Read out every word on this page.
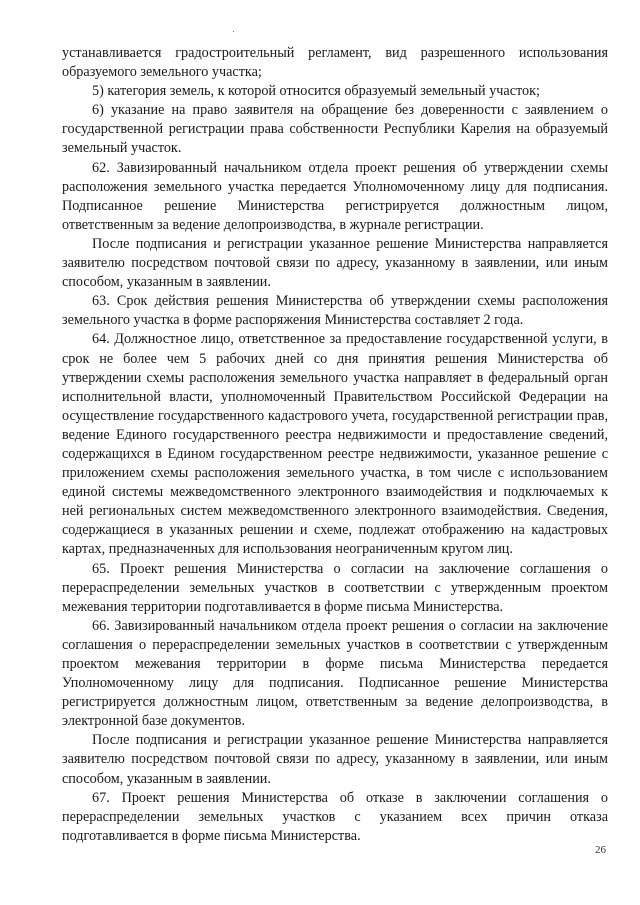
устанавливается градостроительный регламент, вид разрешенного использования образуемого земельного участка;

5) категория земель, к которой относится образуемый земельный участок;

6) указание на право заявителя на обращение без доверенности с заявлением о государственной регистрации права собственности Республики Карелия на образуемый земельный участок.

62. Завизированный начальником отдела проект решения об утверждении схемы расположения земельного участка передается Уполномоченному лицу для подписания. Подписанное решение Министерства регистрируется должностным лицом, ответственным за ведение делопроизводства, в журнале регистрации.

После подписания и регистрации указанное решение Министерства направляется заявителю посредством почтовой связи по адресу, указанному в заявлении, или иным способом, указанным в заявлении.

63. Срок действия решения Министерства об утверждении схемы расположения земельного участка в форме распоряжения Министерства составляет 2 года.

64. Должностное лицо, ответственное за предоставление государственной услуги, в срок не более чем 5 рабочих дней со дня принятия решения Министерства об утверждении схемы расположения земельного участка направляет в федеральный орган исполнительной власти, уполномоченный Правительством Российской Федерации на осуществление государственного кадастрового учета, государственной регистрации прав, ведение Единого государственного реестра недвижимости и предоставление сведений, содержащихся в Едином государственном реестре недвижимости, указанное решение с приложением схемы расположения земельного участка, в том числе с использованием единой системы межведомственного электронного взаимодействия и подключаемых к ней региональных систем межведомственного электронного взаимодействия. Сведения, содержащиеся в указанных решении и схеме, подлежат отображению на кадастровых картах, предназначенных для использования неограниченным кругом лиц.

65. Проект решения Министерства о согласии на заключение соглашения о перераспределении земельных участков в соответствии с утвержденным проектом межевания территории подготавливается в форме письма Министерства.

66. Завизированный начальником отдела проект решения о согласии на заключение соглашения о перераспределении земельных участков в соответствии с утвержденным проектом межевания территории в форме письма Министерства передается Уполномоченному лицу для подписания. Подписанное решение Министерства регистрируется должностным лицом, ответственным за ведение делопроизводства, в электронной базе документов.

После подписания и регистрации указанное решение Министерства направляется заявителю посредством почтовой связи по адресу, указанному в заявлении, или иным способом, указанным в заявлении.

67. Проект решения Министерства об отказе в заключении соглашения о перераспределении земельных участков с указанием всех причин отказа подготавливается в форме письма Министерства.

26
